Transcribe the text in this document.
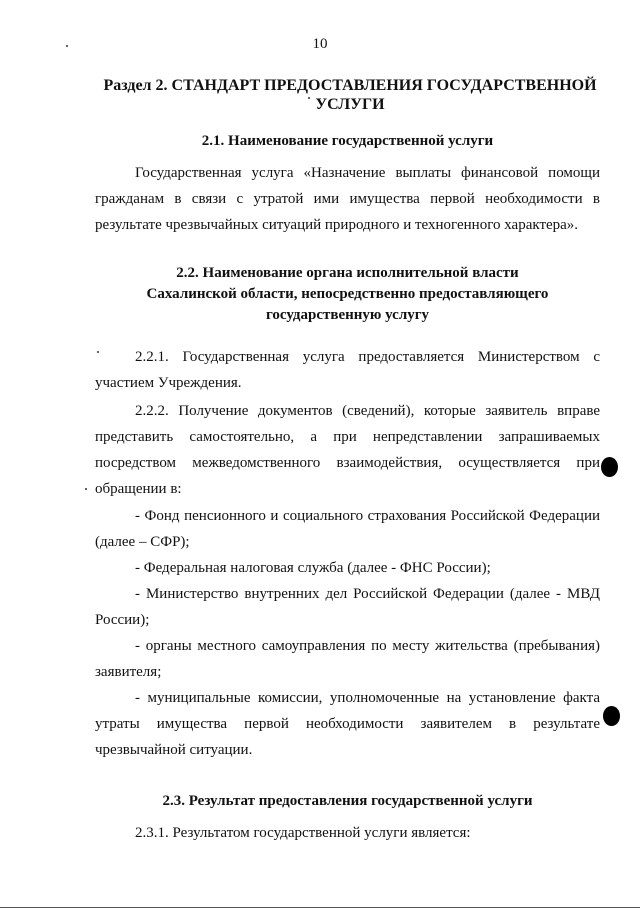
10
Раздел 2. СТАНДАРТ ПРЕДОСТАВЛЕНИЯ ГОСУДАРСТВЕННОЙ УСЛУГИ
2.1. Наименование государственной услуги

Государственная услуга «Назначение выплаты финансовой помощи гражданам в связи с утратой ими имущества первой необходимости в результате чрезвычайных ситуаций природного и техногенного характера».

2.2. Наименование органа исполнительной власти
Сахалинской области, непосредственно предоставляющего
государственную услугу

2.2.1. Государственная услуга предоставляется Министерством с участием Учреждения.

2.2.2. Получение документов (сведений), которые заявитель вправе представить самостоятельно, а при непредставлении запрашиваемых посредством межведомственного взаимодействия, осуществляется при обращении в:

- Фонд пенсионного и социального страхования Российской Федерации (далее – СФР);

- Федеральная налоговая служба (далее - ФНС России);

- Министерство внутренних дел Российской Федерации (далее - МВД России);

- органы местного самоуправления по месту жительства (пребывания) заявителя;

- муниципальные комиссии, уполномоченные на установление факта утраты имущества первой необходимости заявителем в результате чрезвычайной ситуации.

2.3. Результат предоставления государственной услуги

2.3.1. Результатом государственной услуги является:
